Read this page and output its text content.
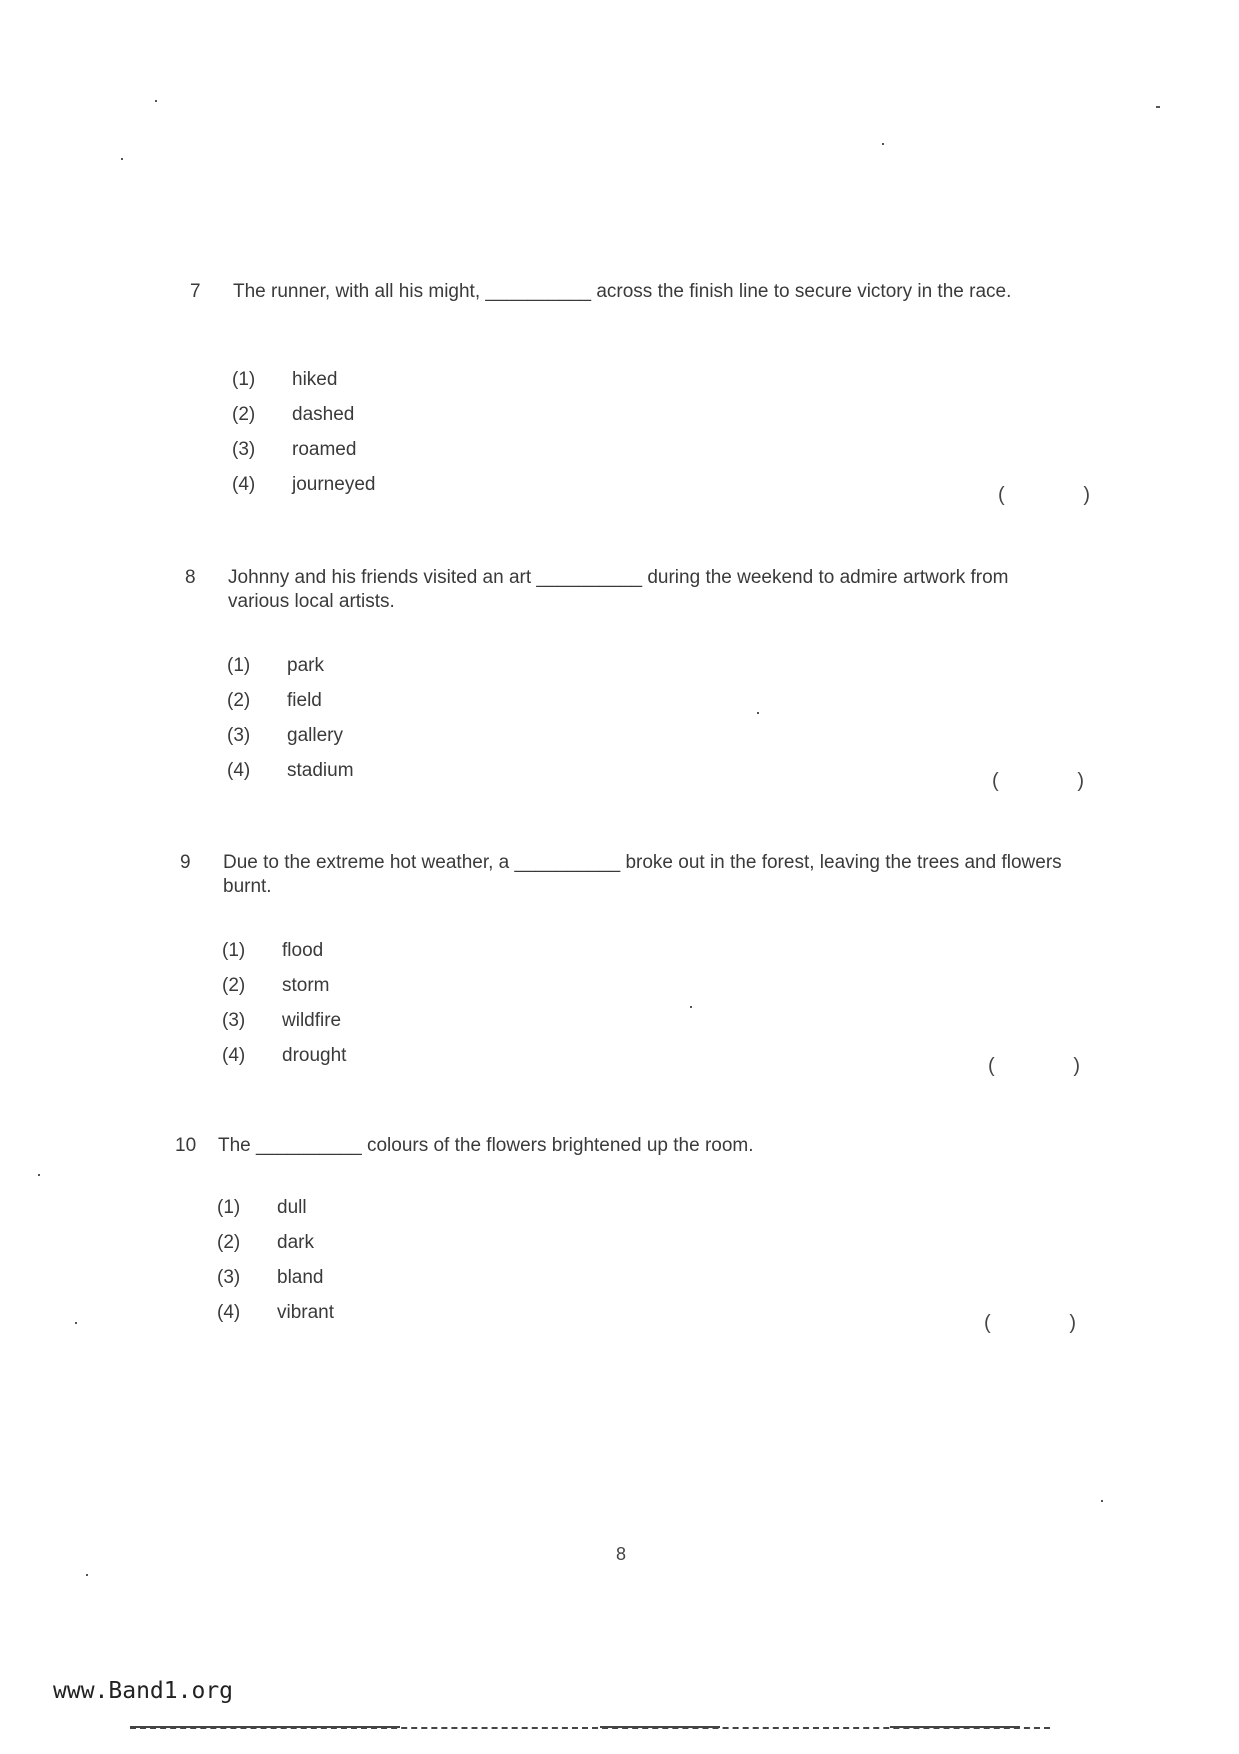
7	The runner, with all his might, __________ across the finish line to secure victory in the race.
(1)	hiked
(2)	dashed
(3)	roamed
(4)	journeyed	(	)
8	Johnny and his friends visited an art __________ during the weekend to admire artwork from various local artists.
(1)	park
(2)	field
(3)	gallery
(4)	stadium	(	)
9	Due to the extreme hot weather, a __________ broke out in the forest, leaving the trees and flowers burnt.
(1)	flood
(2)	storm
(3)	wildfire
(4)	drought	(	)
10	The __________ colours of the flowers brightened up the room.
(1)	dull
(2)	dark
(3)	bland
(4)	vibrant	(	)
8
www.Band1.org
